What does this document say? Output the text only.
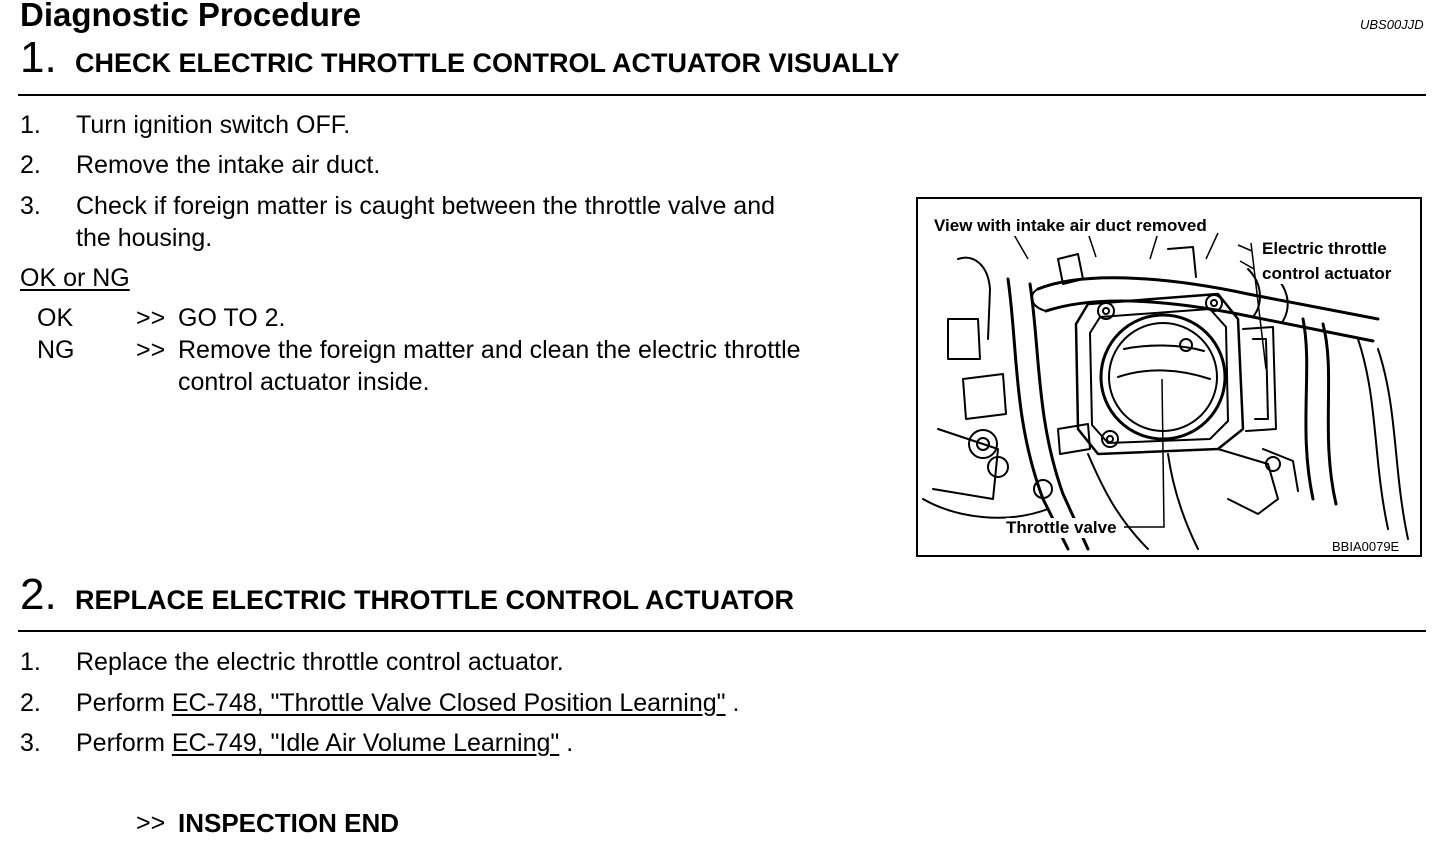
Diagnostic Procedure	UBS00JJD
1. CHECK ELECTRIC THROTTLE CONTROL ACTUATOR VISUALLY
1. Turn ignition switch OFF.
2. Remove the intake air duct.
3. Check if foreign matter is caught between the throttle valve and
the housing.
OK or NG
OK	>> GO TO 2.
NG >> Remove the foreign matter and clean the electric throttle
control actuator inside.
View with intake air duct removed
Electric throttle
control actuator
Throttle valve
BBIA0079E
2. REPLACE ELECTRIC THROTTLE CONTROL ACTUATOR
1. Replace the electric throttle control actuator.
2. Perform EC-748, "Throttle Valve Closed Position Learning" .
3. Perform EC-749, "Idle Air Volume Learning" .
>> INSPECTION END
